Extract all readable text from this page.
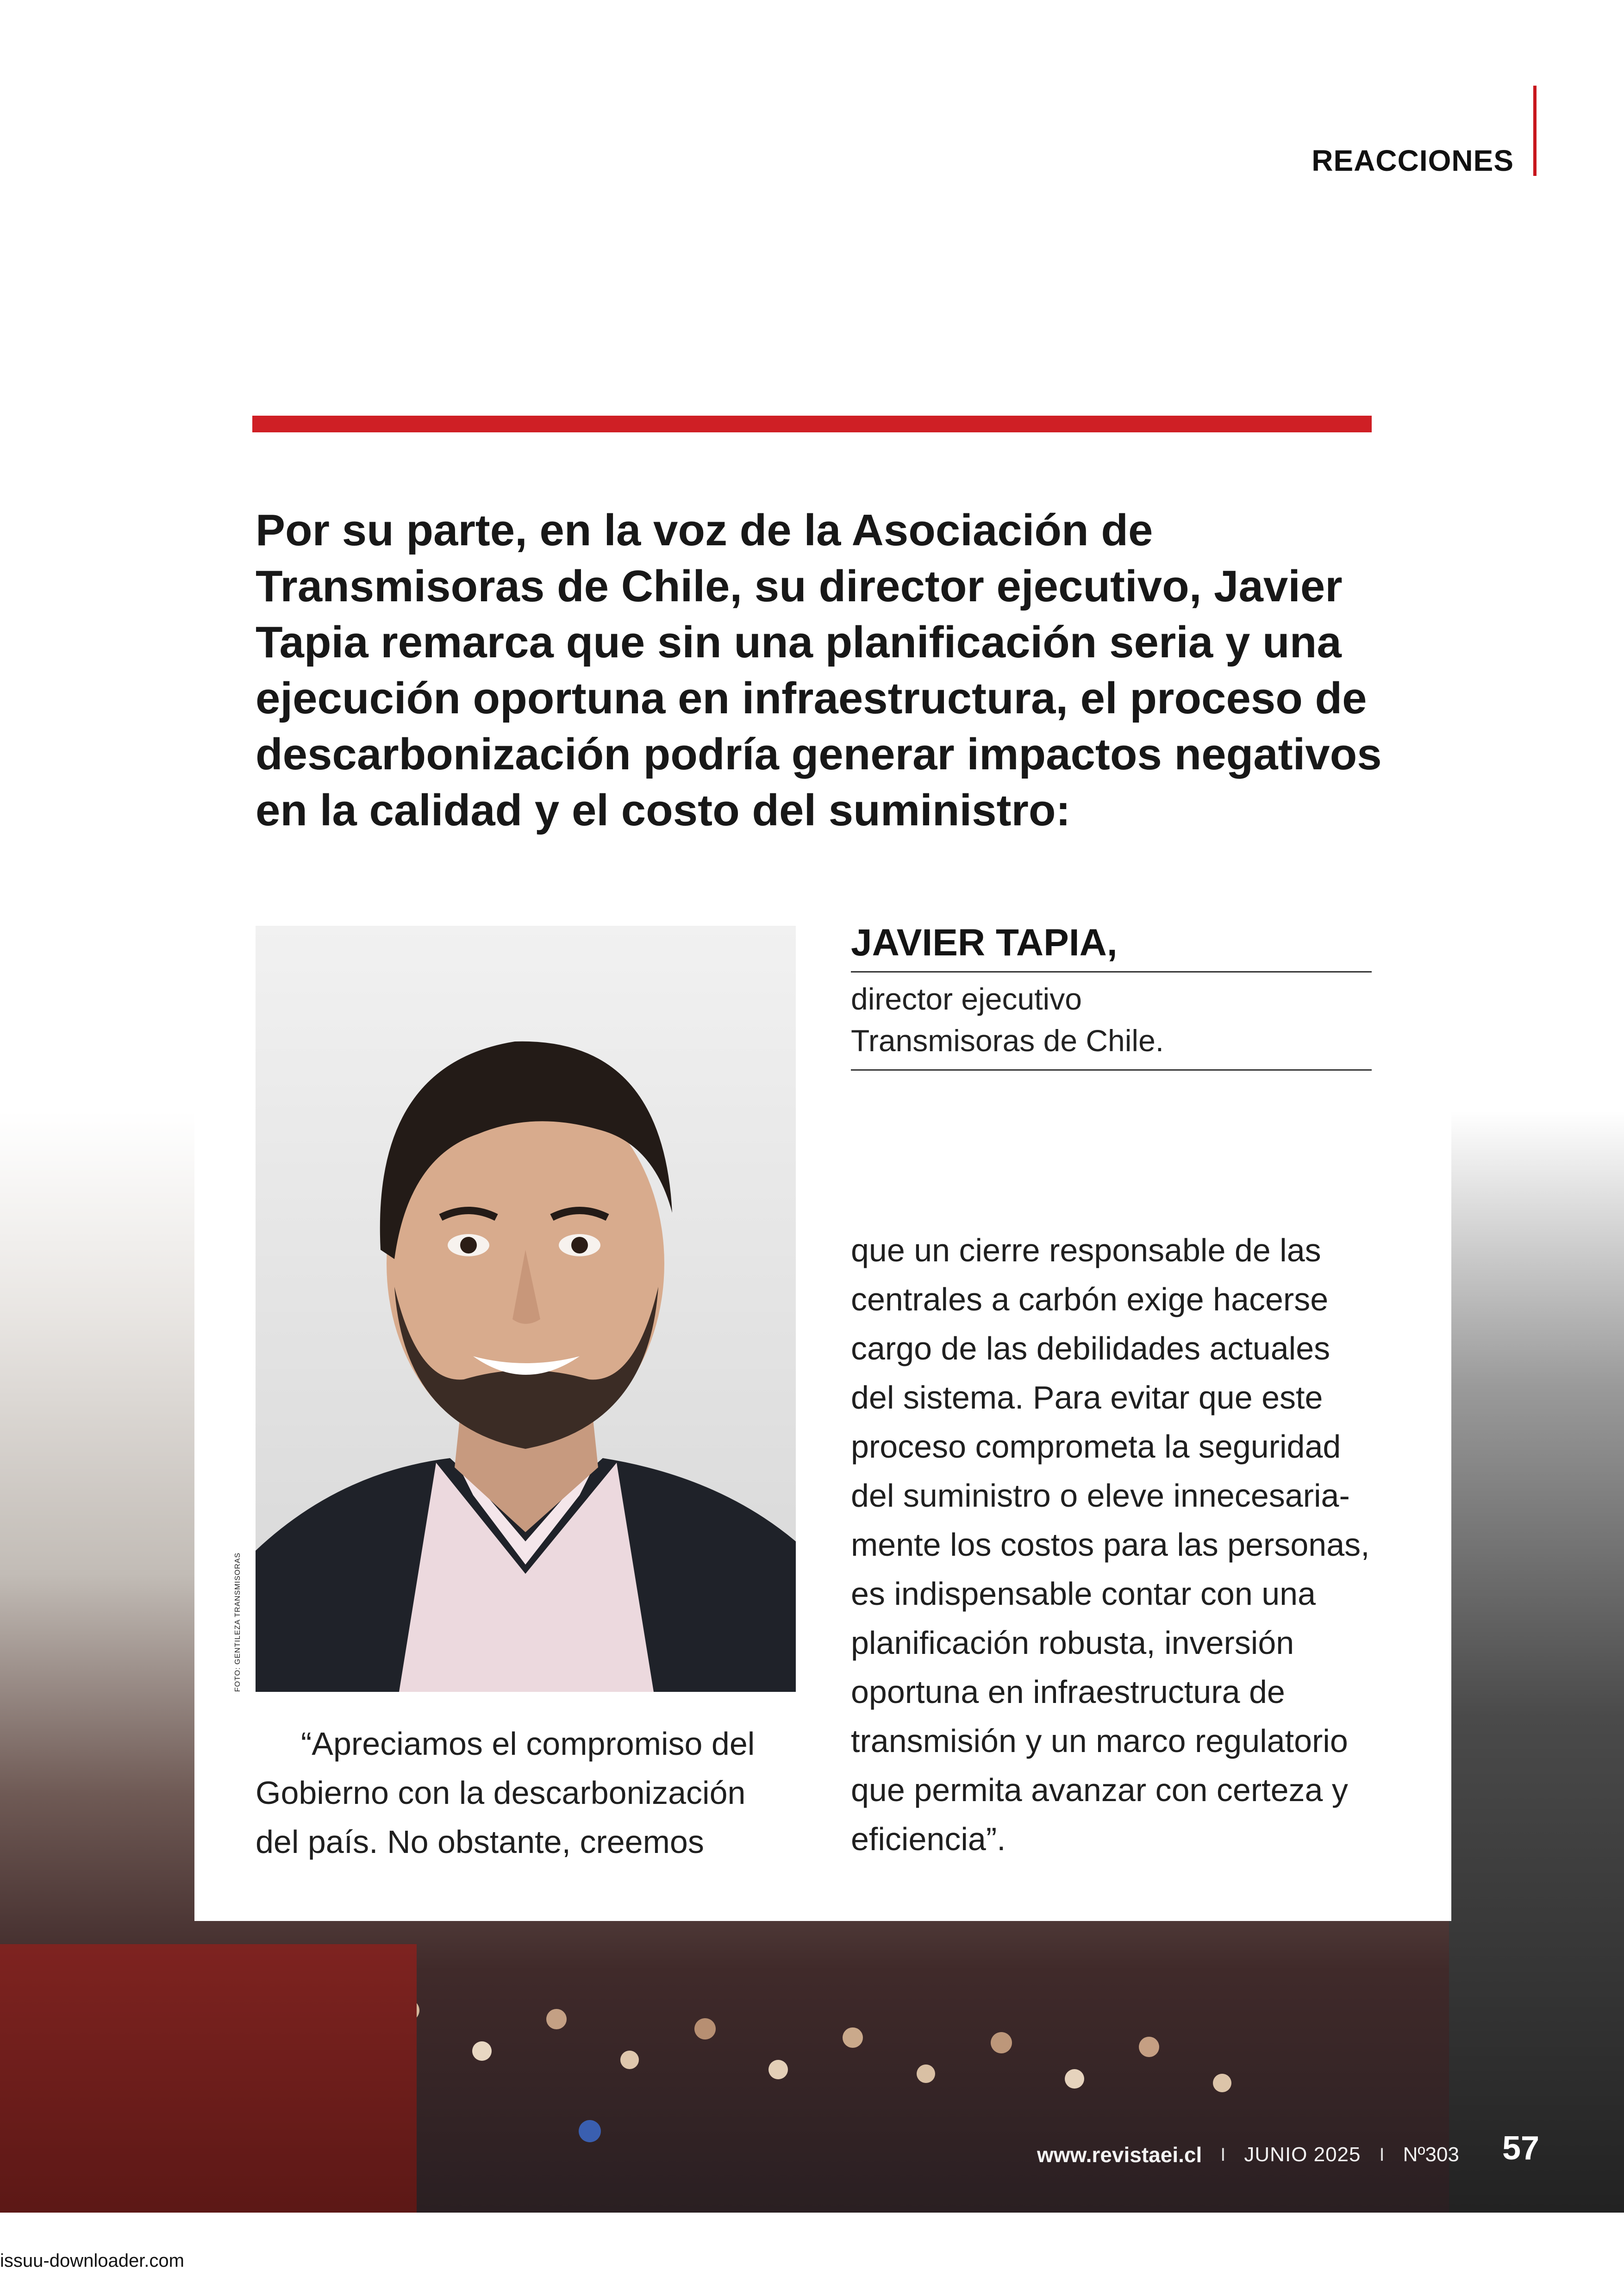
REACCIONES
Por su parte, en la voz de la Asociación de
Transmisoras de Chile, su director ejecutivo, Javier
Tapia remarca que sin una planificación seria y una
ejecución oportuna en infraestructura, el proceso de
descarbonización podría generar impactos negativos
en la calidad y el costo del suministro:
FOTO: GENTILEZA TRANSMISORAS
JAVIER TAPIA,
director ejecutivo
Transmisoras de Chile.
“Apreciamos el compromiso del
Gobierno con la descarbonización
del país. No obstante, creemos
que un cierre responsable de las
centrales a carbón exige hacerse
cargo de las debilidades actuales
del sistema. Para evitar que este
proceso comprometa la seguridad
del suministro o eleve innecesaria-
mente los costos para las personas,
es indispensable contar con una
planificación robusta, inversión
oportuna en infraestructura de
transmisión y un marco regulatorio
que permita avanzar con certeza y
eficiencia”.
www.revistaei.cl I JUNIO 2025 I Nº303 57
issuu-downloader.com
